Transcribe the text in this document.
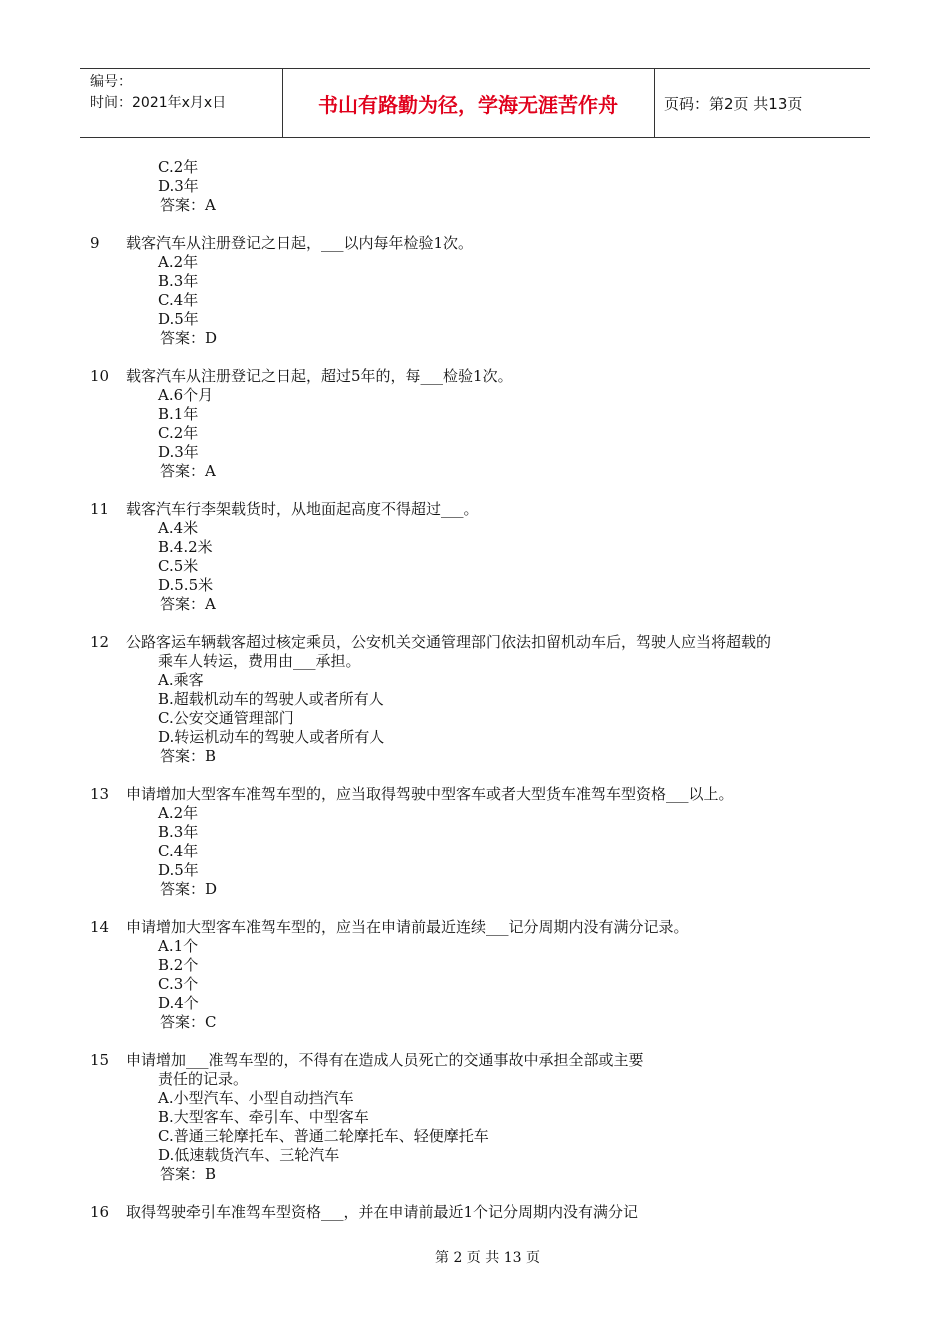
编号：
时间：2021年x月x日	书山有路勤为径，学海无涯苦作舟	页码：第2页 共13页
C.2年
D.3年
答案：A
9	载客汽车从注册登记之日起，___以内每年检验1次。
A.2年
B.3年
C.4年
D.5年
答案：D
10	载客汽车从注册登记之日起，超过5年的，每___检验1次。
A.6个月
B.1年
C.2年
D.3年
答案：A
11	载客汽车行李架载货时，从地面起高度不得超过___。
A.4米
B.4.2米
C.5米
D.5.5米
答案：A
12	公路客运车辆载客超过核定乘员，公安机关交通管理部门依法扣留机动车后，驾驶人应当将超载的
乘车人转运，费用由___承担。
A.乘客
B.超载机动车的驾驶人或者所有人
C.公安交通管理部门
D.转运机动车的驾驶人或者所有人
答案：B
13	申请增加大型客车准驾车型的，应当取得驾驶中型客车或者大型货车准驾车型资格___以上。
A.2年
B.3年
C.4年
D.5年
答案：D
14	申请增加大型客车准驾车型的，应当在申请前最近连续___记分周期内没有满分记录。
A.1个
B.2个
C.3个
D.4个
答案：C
15	申请增加___准驾车型的，不得有在造成人员死亡的交通事故中承担全部或主要
责任的记录。
A.小型汽车、小型自动挡汽车
B.大型客车、牵引车、中型客车
C.普通三轮摩托车、普通二轮摩托车、轻便摩托车
D.低速载货汽车、三轮汽车
答案：B
16	取得驾驶牵引车准驾车型资格___，并在申请前最近1个记分周期内没有满分记
第 2 页 共 13 页
